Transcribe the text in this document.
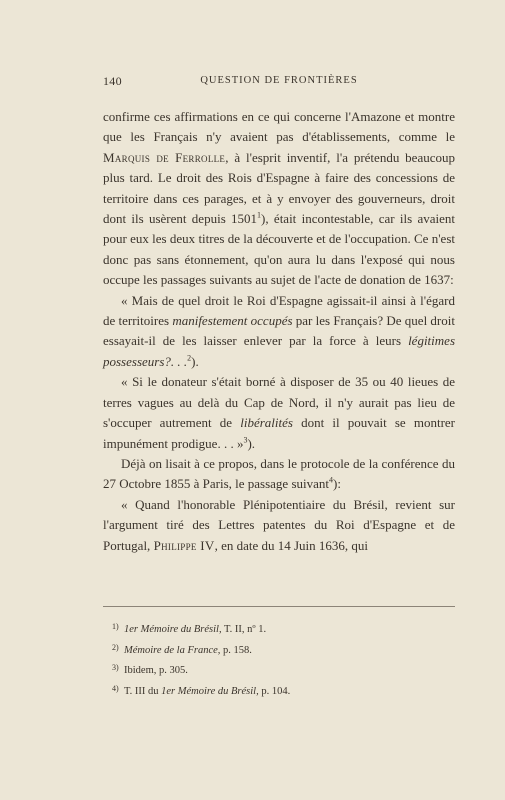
140	QUESTION DE FRONTIÈRES

confirme ces affirmations en ce qui concerne l'Amazone et montre que les Français n'y avaient pas d'établissements, comme le Marquis de Ferrolle, à l'esprit inventif, l'a prétendu beaucoup plus tard. Le droit des Rois d'Espagne à faire des concessions de territoire dans ces parages, et à y envoyer des gouverneurs, droit dont ils usèrent depuis 1501$^1$), était incontestable, car ils avaient pour eux les deux titres de la découverte et de l'occupation. Ce n'est donc pas sans étonnement, qu'on aura lu dans l'exposé qui nous occupe les passages suivants au sujet de l'acte de donation de 1637:

« Mais de quel droit le Roi d'Espagne agissait-il ainsi à l'égard de territoires manifestement occupés par les Français? De quel droit essayait-il de les laisser enlever par la force à leurs légitimes possesseurs?. . .$^2$).

« Si le donateur s'était borné à disposer de 35 ou 40 lieues de terres vagues au delà du Cap de Nord, il n'y aurait pas lieu de s'occuper autrement de libéralités dont il pouvait se montrer impunément prodigue. . . »$^3$).

Déjà on lisait à ce propos, dans le protocole de la conférence du 27 Octobre 1855 à Paris, le passage suivant$^4$):

« Quand l'honorable Plénipotentiaire du Brésil, revient sur l'argument tiré des Lettres patentes du Roi d'Espagne et de Portugal, Philippe IV, en date du 14 Juin 1636, qui

1) 1er Mémoire du Brésil, T. II, nº 1.

2) Mémoire de la France, p. 158.

3) Ibidem, p. 305.

4) T. III du 1er Mémoire du Brésil, p. 104.
